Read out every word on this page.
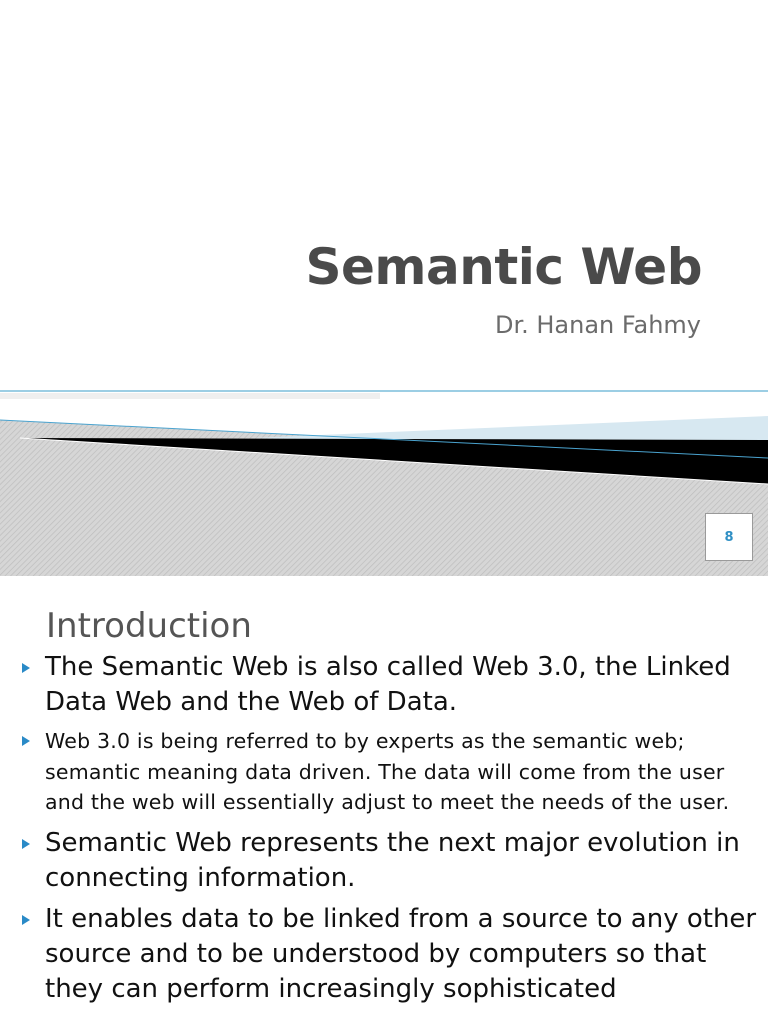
Semantic Web

Dr. Hanan Fahmy

8
Introduction
The Semantic Web is also called Web 3.0, the Linked Data Web and the Web of Data.
Web 3.0 is being referred to by experts as the semantic web; semantic meaning data driven. The data will come from the user and the web will essentially adjust to meet the needs of the user.
Semantic Web represents the next major evolution in connecting information.
It enables data to be linked from a source to any other source and to be understood by computers so that they can perform increasingly sophisticated
